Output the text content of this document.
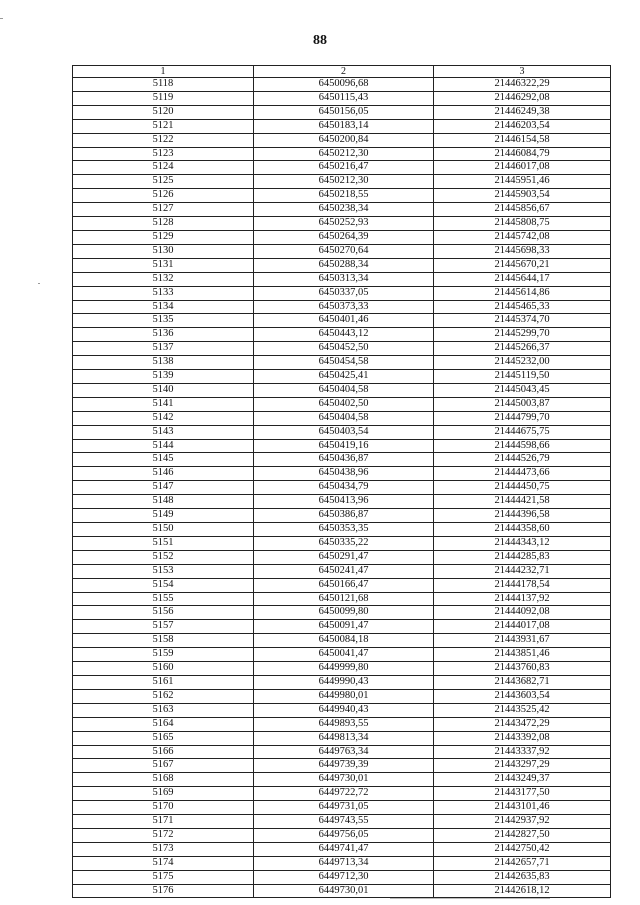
88
1	2	3
5118	6450096,68	21446322,29
5119	6450115,43	21446292,08
5120	6450156,05	21446249,38
5121	6450183,14	21446203,54
5122	6450200,84	21446154,58
5123	6450212,30	21446084,79
5124	6450216,47	21446017,08
5125	6450212,30	21445951,46
5126	6450218,55	21445903,54
5127	6450238,34	21445856,67
5128	6450252,93	21445808,75
5129	6450264,39	21445742,08
5130	6450270,64	21445698,33
5131	6450288,34	21445670,21
5132	6450313,34	21445644,17
5133	6450337,05	21445614,86
5134	6450373,33	21445465,33
5135	6450401,46	21445374,70
5136	6450443,12	21445299,70
5137	6450452,50	21445266,37
5138	6450454,58	21445232,00
5139	6450425,41	21445119,50
5140	6450404,58	21445043,45
5141	6450402,50	21445003,87
5142	6450404,58	21444799,70
5143	6450403,54	21444675,75
5144	6450419,16	21444598,66
5145	6450436,87	21444526,79
5146	6450438,96	21444473,66
5147	6450434,79	21444450,75
5148	6450413,96	21444421,58
5149	6450386,87	21444396,58
5150	6450353,35	21444358,60
5151	6450335,22	21444343,12
5152	6450291,47	21444285,83
5153	6450241,47	21444232,71
5154	6450166,47	21444178,54
5155	6450121,68	21444137,92
5156	6450099,80	21444092,08
5157	6450091,47	21444017,08
5158	6450084,18	21443931,67
5159	6450041,47	21443851,46
5160	6449999,80	21443760,83
5161	6449990,43	21443682,71
5162	6449980,01	21443603,54
5163	6449940,43	21443525,42
5164	6449893,55	21443472,29
5165	6449813,34	21443392,08
5166	6449763,34	21443337,92
5167	6449739,39	21443297,29
5168	6449730,01	21443249,37
5169	6449722,72	21443177,50
5170	6449731,05	21443101,46
5171	6449743,55	21442937,92
5172	6449756,05	21442827,50
5173	6449741,47	21442750,42
5174	6449713,34	21442657,71
5175	6449712,30	21442635,83
5176	6449730,01	21442618,12
